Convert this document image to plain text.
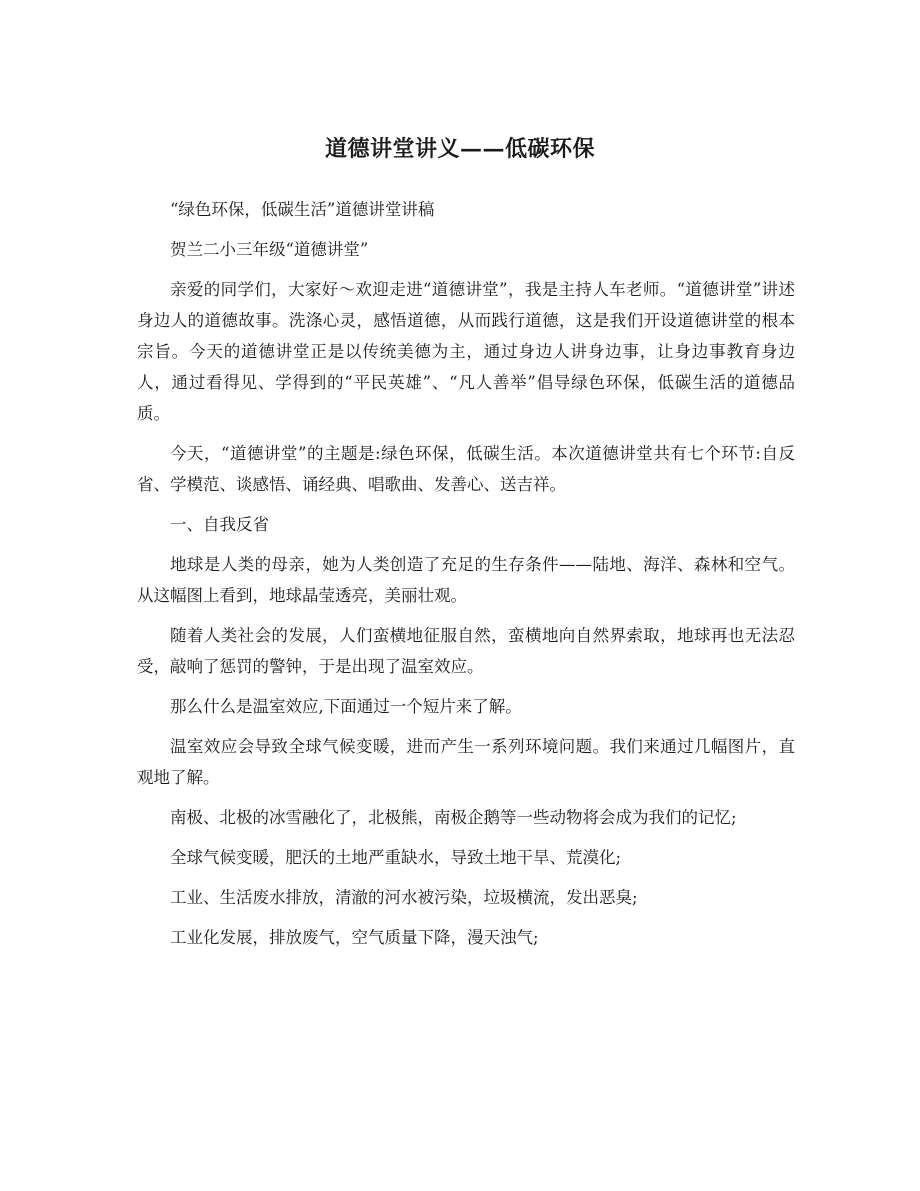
道德讲堂讲义——低碳环保

“绿色环保，低碳生活”道德讲堂讲稿

贺兰二小三年级“道德讲堂”

亲爱的同学们，大家好～欢迎走进“道德讲堂”，我是主持人车老师。“道德讲堂”讲述身边人的道德故事。洗涤心灵，感悟道德，从而践行道德，这是我们开设道德讲堂的根本宗旨。今天的道德讲堂正是以传统美德为主，通过身边人讲身边事，让身边事教育身边人，通过看得见、学得到的“平民英雄”、“凡人善举”倡导绿色环保，低碳生活的道德品质。

今天，“道德讲堂”的主题是:绿色环保，低碳生活。本次道德讲堂共有七个环节:自反省、学模范、谈感悟、诵经典、唱歌曲、发善心、送吉祥。

一、自我反省

地球是人类的母亲，她为人类创造了充足的生存条件——陆地、海洋、森林和空气。从这幅图上看到，地球晶莹透亮，美丽壮观。

随着人类社会的发展，人们蛮横地征服自然，蛮横地向自然界索取，地球再也无法忍受，敲响了惩罚的警钟，于是出现了温室效应。

那么什么是温室效应,下面通过一个短片来了解。

温室效应会导致全球气候变暖，进而产生一系列环境问题。我们来通过几幅图片，直观地了解。

南极、北极的冰雪融化了，北极熊，南极企鹅等一些动物将会成为我们的记忆;

全球气候变暖，肥沃的土地严重缺水，导致土地干旱、荒漠化;

工业、生活废水排放，清澈的河水被污染，垃圾横流，发出恶臭;

工业化发展，排放废气，空气质量下降，漫天浊气;
